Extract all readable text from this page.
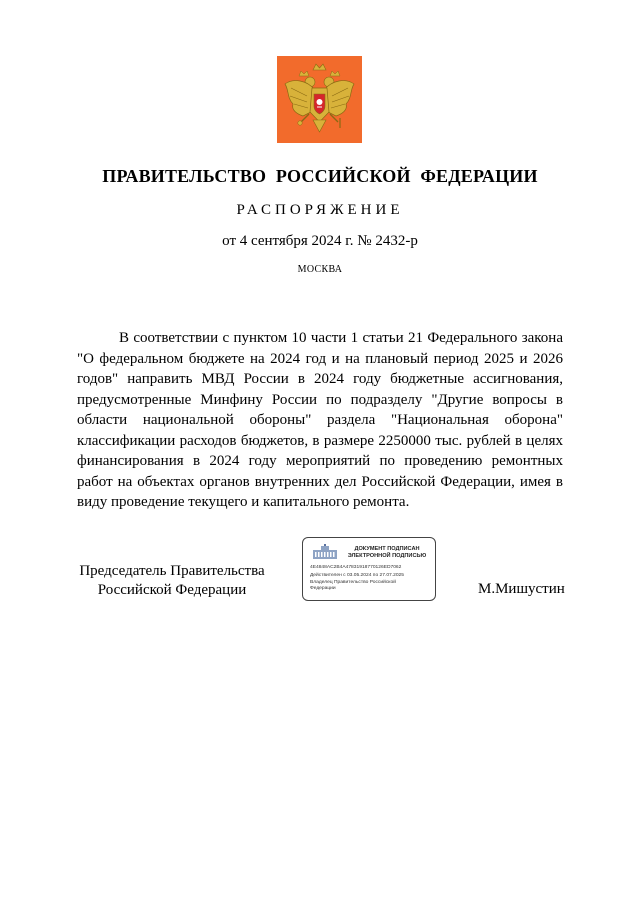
ПРАВИТЕЛЬСТВО РОССИЙСКОЙ ФЕДЕРАЦИИ
РАСПОРЯЖЕНИЕ
от 4 сентября 2024 г. № 2432-р
МОСКВА

В соответствии с пунктом 10 части 1 статьи 21 Федерального закона "О федеральном бюджете на 2024 год и на плановый период 2025 и 2026 годов" направить МВД России в 2024 году бюджетные ассигнования, предусмотренные Минфину России по подразделу "Другие вопросы в области национальной обороны" раздела "Национальная оборона" классификации расходов бюджетов, в размере 2250000 тыс. рублей в целях финансирования в 2024 году мероприятий по проведению ремонтных работ на объектах органов внутренних дел Российской Федерации, имея в виду проведение текущего и капитального ремонта.

Председатель Правительства
Российской Федерации
ДОКУМЕНТ ПОДПИСАН
ЭЛЕКТРОННОЙ ПОДПИСЬЮ
4E4848AC2B4A47831918770126ED7062
Действителен с 03.05.2024 по 27.07.2025
Владелец Правительство Российской
Федерации	М.Мишустин
